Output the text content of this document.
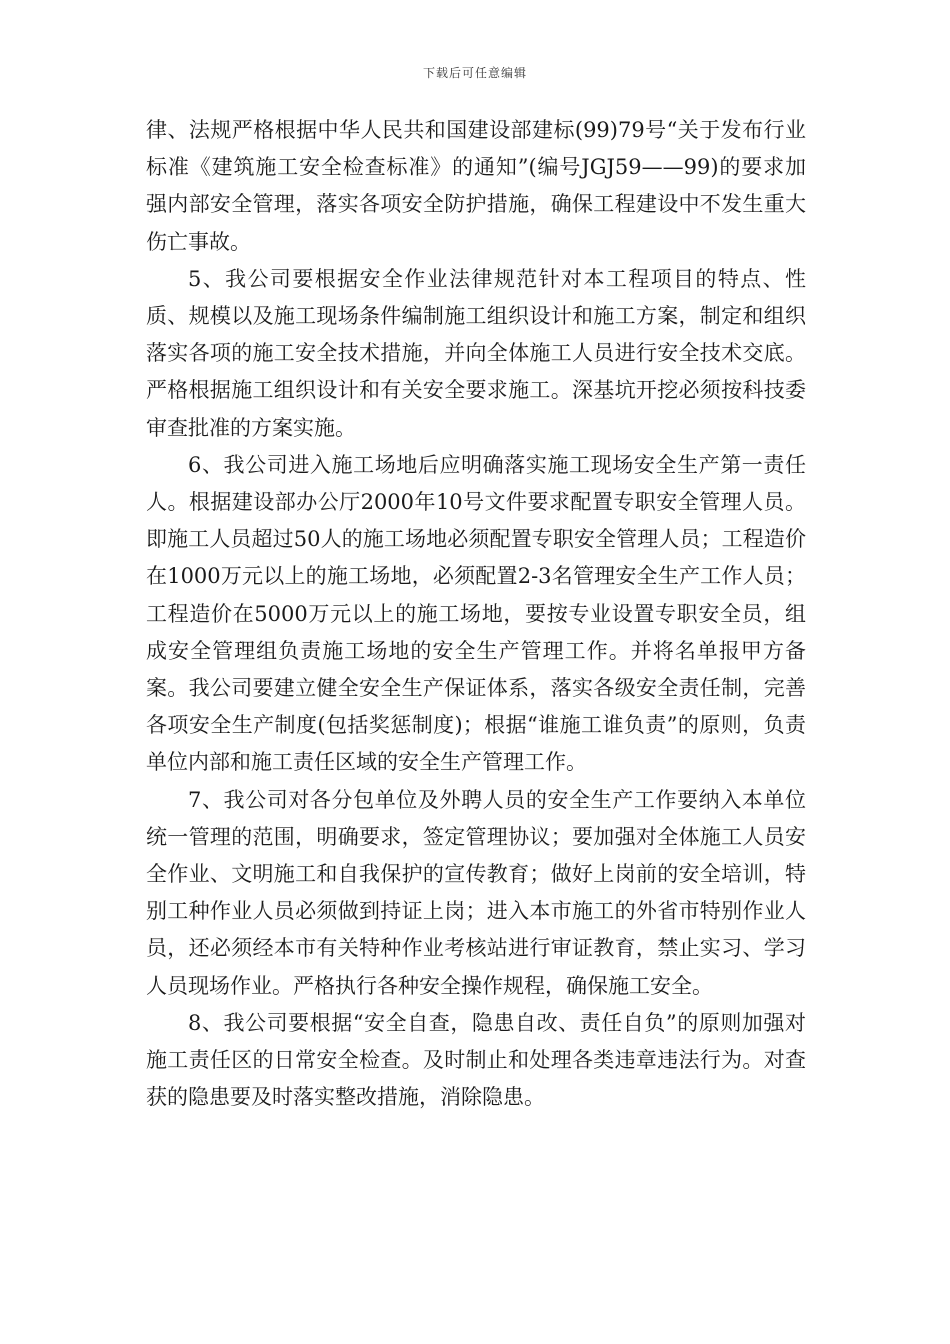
下载后可任意编辑

律、法规严格根据中华人民共和国建设部建标(99)79号“关于发布行业标准《建筑施工安全检查标准》的通知”(编号JGJ59——99)的要求加强内部安全管理，落实各项安全防护措施，确保工程建设中不发生重大伤亡事故。

5、我公司要根据安全作业法律规范针对本工程项目的特点、性质、规模以及施工现场条件编制施工组织设计和施工方案，制定和组织落实各项的施工安全技术措施，并向全体施工人员进行安全技术交底。严格根据施工组织设计和有关安全要求施工。深基坑开挖必须按科技委审查批准的方案实施。

6、我公司进入施工场地后应明确落实施工现场安全生产第一责任人。根据建设部办公厅2000年10号文件要求配置专职安全管理人员。即施工人员超过50人的施工场地必须配置专职安全管理人员；工程造价在1000万元以上的施工场地，必须配置2-3名管理安全生产工作人员；工程造价在5000万元以上的施工场地，要按专业设置专职安全员，组成安全管理组负责施工场地的安全生产管理工作。并将名单报甲方备案。我公司要建立健全安全生产保证体系，落实各级安全责任制，完善各项安全生产制度(包括奖惩制度)；根据“谁施工谁负责”的原则，负责单位内部和施工责任区域的安全生产管理工作。

7、我公司对各分包单位及外聘人员的安全生产工作要纳入本单位统一管理的范围，明确要求，签定管理协议；要加强对全体施工人员安全作业、文明施工和自我保护的宣传教育；做好上岗前的安全培训，特别工种作业人员必须做到持证上岗；进入本市施工的外省市特别作业人员，还必须经本市有关特种作业考核站进行审证教育，禁止实习、学习人员现场作业。严格执行各种安全操作规程，确保施工安全。

8、我公司要根据“安全自查，隐患自改、责任自负”的原则加强对施工责任区的日常安全检查。及时制止和处理各类违章违法行为。对查获的隐患要及时落实整改措施，消除隐患。
